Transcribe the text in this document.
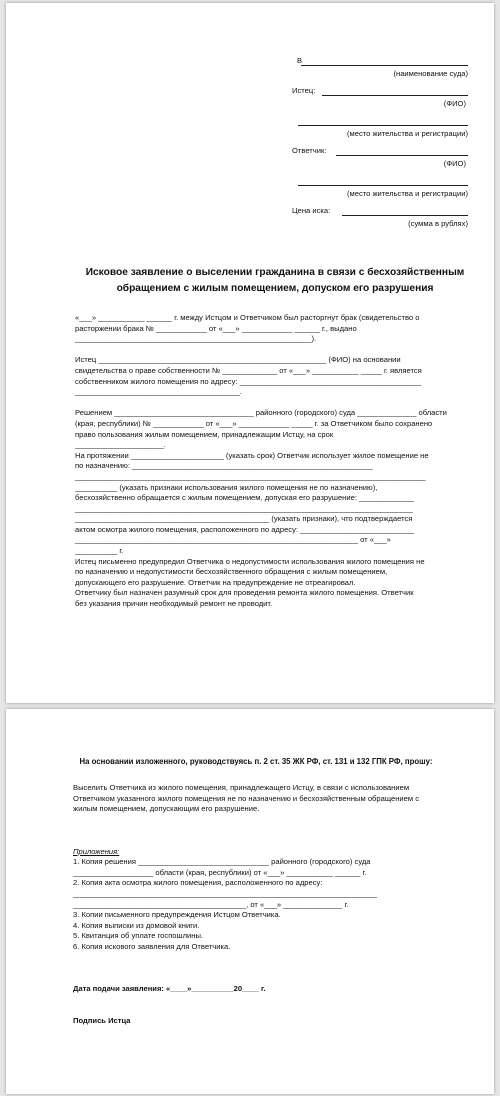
В
(наименование суда)
Истец:
(ФИО)
(место жительства и регистрации)
Ответчик:
(ФИО)
(место жительства и регистрации)
Цена иска:
(сумма в рублях)
Исковое заявление о выселении гражданина в связи с бесхозяйственным обращением с жилым помещением, допуском его разрушения

«___» ___________ ______ г. между Истцом и Ответчиком был расторгнут брак (свидетельство о

расторжении брака № ____________ от «___» ____________ ______ г., выдано

________________________________________________________).

Истец ______________________________________________________ (ФИО) на основании

свидетельства о праве собственности № _____________ от «___» ___________ _____ г. является

собственником жилого помещения по адресу: ___________________________________________

_______________________________________.

Решением _________________________________ районного (городского) суда ______________ области

(края, республики) № ____________ от «___» ____________ _____ г. за Ответчиком было сохранено

право пользования жилым помещением, принадлежащим Истцу, на срок

_____________________.

На протяжении ______________________ (указать срок) Ответчик использует жилое помещение не

по назначению: _________________________________________________________

___________________________________________________________________________________

__________ (указать признаки использования жилого помещения не по назначению),

бесхозяйственно обращается с жилым помещением, допуская его разрушение: _____________

________________________________________________________________________________

______________________________________________ (указать признаки), что подтверждается

актом осмотра жилого помещения, расположенного по адресу: ___________________________

___________________________________________________________________ от «___»

__________ г.

Истец письменно предупредил Ответчика о недопустимости использования жилого помещения не

по назначению и недопустимости бесхозяйственного обращения с жилым помещением,

допускающего его разрушение. Ответчик на предупреждение не отреагировал.

Ответчику был назначен разумный срок для проведения ремонта жилого помещения. Ответчик

без указания причин необходимый ремонт не проводит.

На основании изложенного, руководствуясь п. 2 ст. 35 ЖК РФ, ст. 131 и 132 ГПК РФ, прошу:

Выселить Ответчика из жилого помещения, принадлежащего Истцу, в связи с использованием

Ответчиком указанного жилого помещения не по назначению и бесхозяйственным обращением с

жилым помещением, допускающим его разрушение.

Приложения:

1. Копия решения _______________________________ районного (городского) суда

___________________ области (края, республики) от «___» ___________ ______ г.

2. Копия акта осмотра жилого помещения, расположенного по адресу:

________________________________________________________________________

_________________________________________, от «___» ______________ г.

3. Копии письменного предупреждения Истцом Ответчика.

4. Копия выписки из домовой книги.

5. Квитанция об уплате госпошлины.

6. Копия искового заявления для Ответчика.

Дата подачи заявления: «____»__________20____ г.

Подпись Истца
